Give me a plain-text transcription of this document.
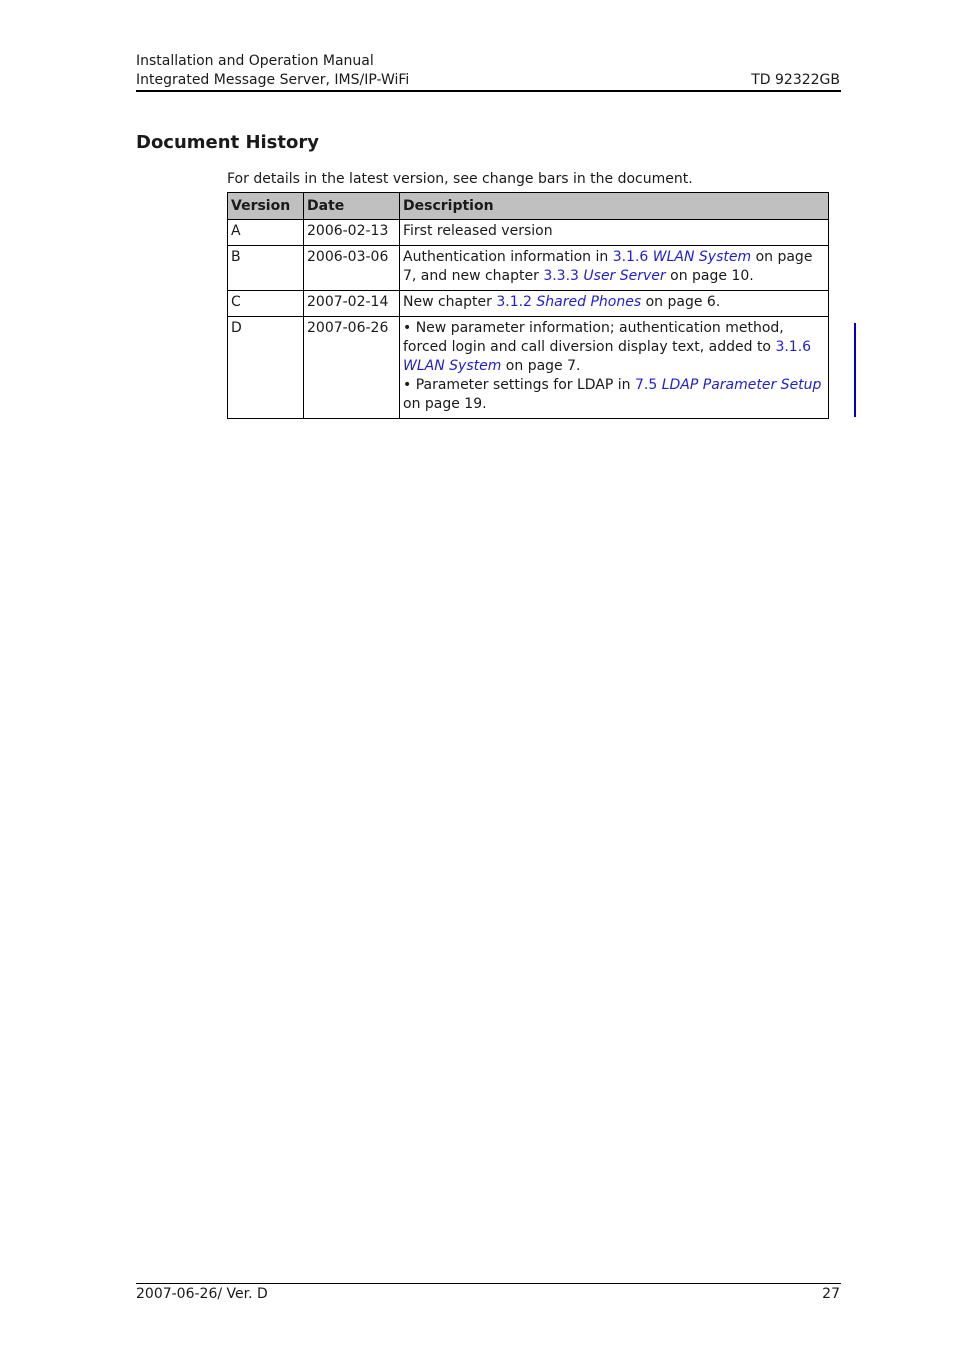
Installation and Operation Manual
Integrated Message Server, IMS/IP-WiFi	TD 92322GB
Document History

For details in the latest version, see change bars in the document.

Version	Date	Description
A	2006-02-13	First released version
B	2006-03-06	Authentication information in 3.1.6 WLAN System on page 7, and new chapter 3.3.3 User Server on page 10.
C	2007-02-14	New chapter 3.1.2 Shared Phones on page 6.
D	2007-06-26	• New parameter information; authentication method, forced login and call diversion display text, added to 3.1.6 WLAN System on page 7.
• Parameter settings for LDAP in 7.5 LDAP Parameter Setup on page 19.
2007-06-26/ Ver. D	27
